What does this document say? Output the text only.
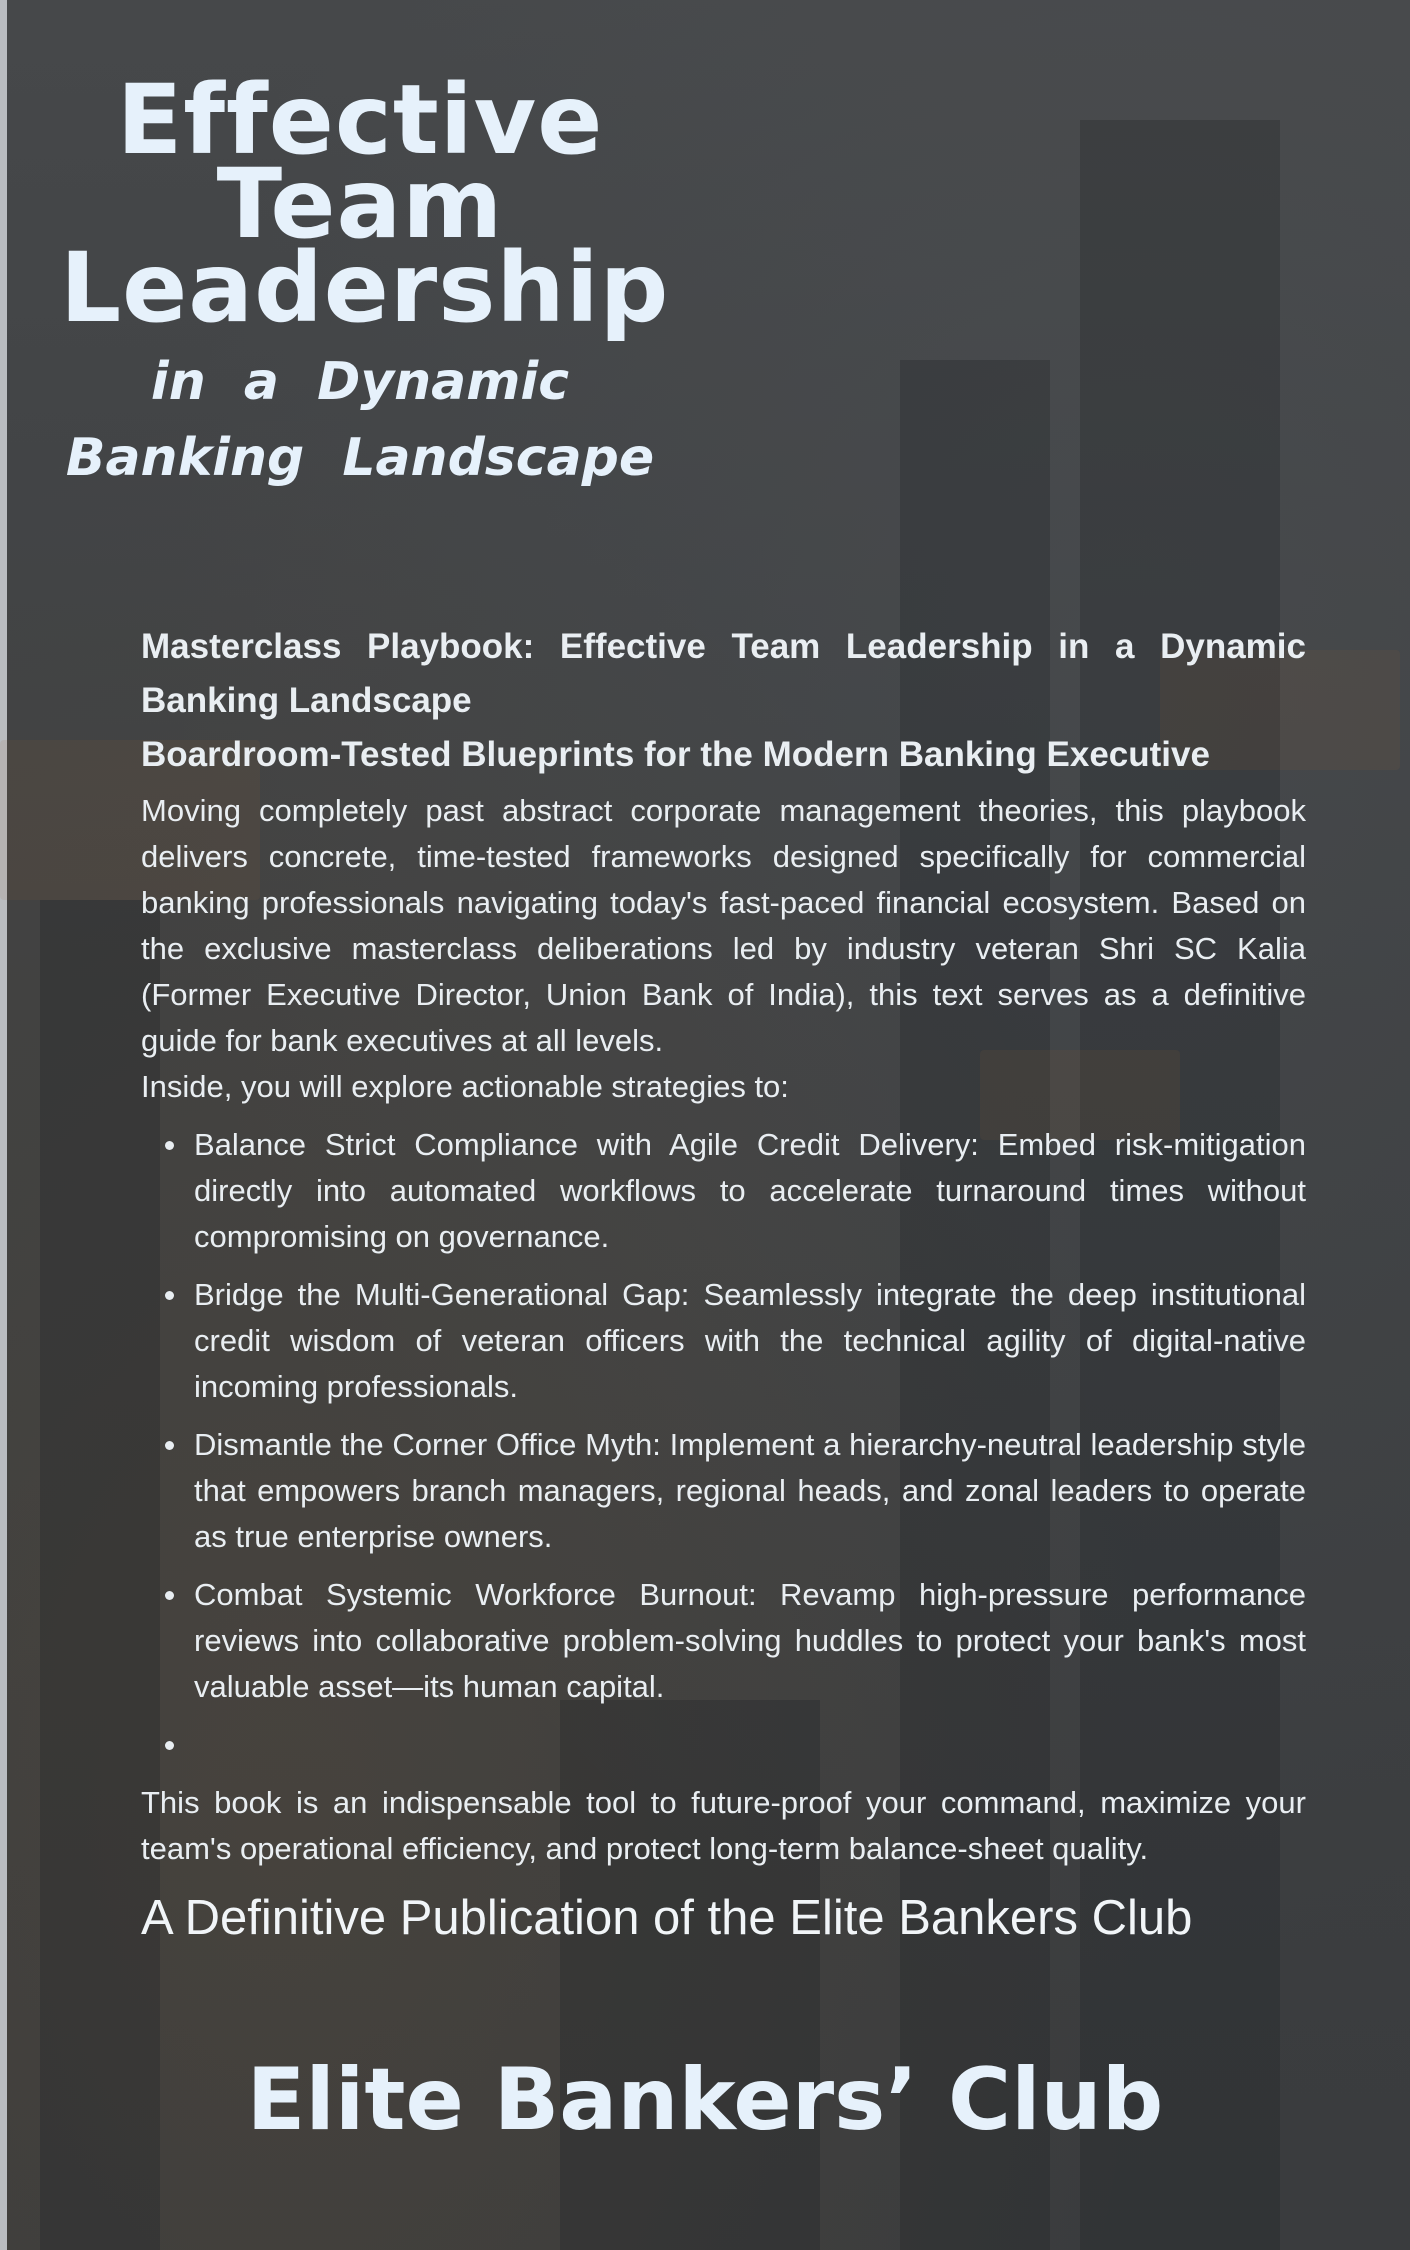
Effective

Team

Leadership

in a Dynamic

Banking Landscape

Masterclass Playbook: Effective Team Leadership in a Dynamic Banking Landscape

Boardroom-Tested Blueprints for the Modern Banking Executive

Moving completely past abstract corporate management theories, this playbook delivers concrete, time-tested frameworks designed specifically for commercial banking professionals navigating today's fast-paced financial ecosystem. Based on the exclusive masterclass deliberations led by industry veteran Shri SC Kalia (Former Executive Director, Union Bank of India), this text serves as a definitive guide for bank executives at all levels.

Inside, you will explore actionable strategies to:

Balance Strict Compliance with Agile Credit Delivery: Embed risk-mitigation directly into automated workflows to accelerate turnaround times without compromising on governance.
Bridge the Multi-Generational Gap: Seamlessly integrate the deep institutional credit wisdom of veteran officers with the technical agility of digital-native incoming professionals.
Dismantle the Corner Office Myth: Implement a hierarchy-neutral leadership style that empowers branch managers, regional heads, and zonal leaders to operate as true enterprise owners.
Combat Systemic Workforce Burnout: Revamp high-pressure performance reviews into collaborative problem-solving huddles to protect your bank's most valuable asset—its human capital.

This book is an indispensable tool to future-proof your command, maximize your team's operational efficiency, and protect long-term balance-sheet quality.

A Definitive Publication of the Elite Bankers Club

Elite Bankers’ Club
